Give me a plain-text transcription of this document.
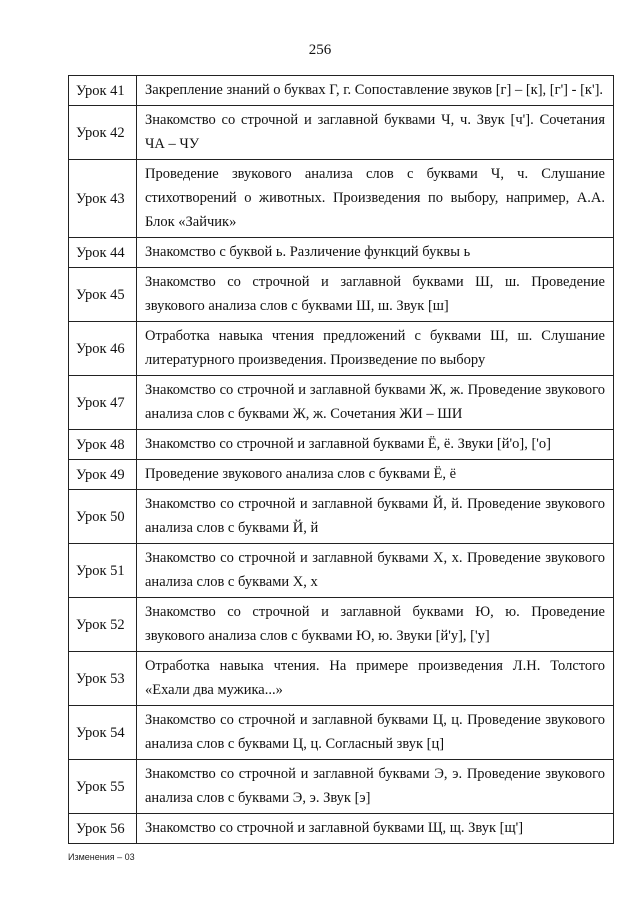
256
Урок 41	Закрепление знаний о буквах Г, г. Сопоставление звуков [г] – [к], [г'] - [к'].

Урок 42	Знакомство со строчной и заглавной буквами Ч, ч. Звук [ч']. Сочетания ЧА – ЧУ

Урок 43	Проведение звукового анализа слов с буквами Ч, ч. Слушание стихотворений о животных. Произведения по выбору, например, А.А. Блок «Зайчик»

Урок 44	Знакомство с буквой ь. Различение функций буквы ь

Урок 45	Знакомство со строчной и заглавной буквами Ш, ш. Проведение звукового анализа слов с буквами Ш, ш. Звук [ш]

Урок 46	Отработка навыка чтения предложений с буквами Ш, ш. Слушание литературного произведения. Произведение по выбору

Урок 47	Знакомство со строчной и заглавной буквами Ж, ж. Проведение звукового анализа слов с буквами Ж, ж. Сочетания ЖИ – ШИ

Урок 48	Знакомство со строчной и заглавной буквами Ё, ё. Звуки [й'о], ['о]

Урок 49	Проведение звукового анализа слов с буквами Ё, ё

Урок 50	Знакомство со строчной и заглавной буквами Й, й. Проведение звукового анализа слов с буквами Й, й

Урок 51	Знакомство со строчной и заглавной буквами Х, х. Проведение звукового анализа слов с буквами Х, х

Урок 52	Знакомство со строчной и заглавной буквами Ю, ю. Проведение звукового анализа слов с буквами Ю, ю. Звуки [й'у], ['у]

Урок 53	Отработка навыка чтения. На примере произведения Л.Н. Толстого «Ехали два мужика...»

Урок 54	Знакомство со строчной и заглавной буквами Ц, ц. Проведение звукового анализа слов с буквами Ц, ц. Согласный звук [ц]

Урок 55	Знакомство со строчной и заглавной буквами Э, э. Проведение звукового анализа слов с буквами Э, э. Звук [э]

Урок 56	Знакомство со строчной и заглавной буквами Щ, щ. Звук [щ']
Изменения – 03
